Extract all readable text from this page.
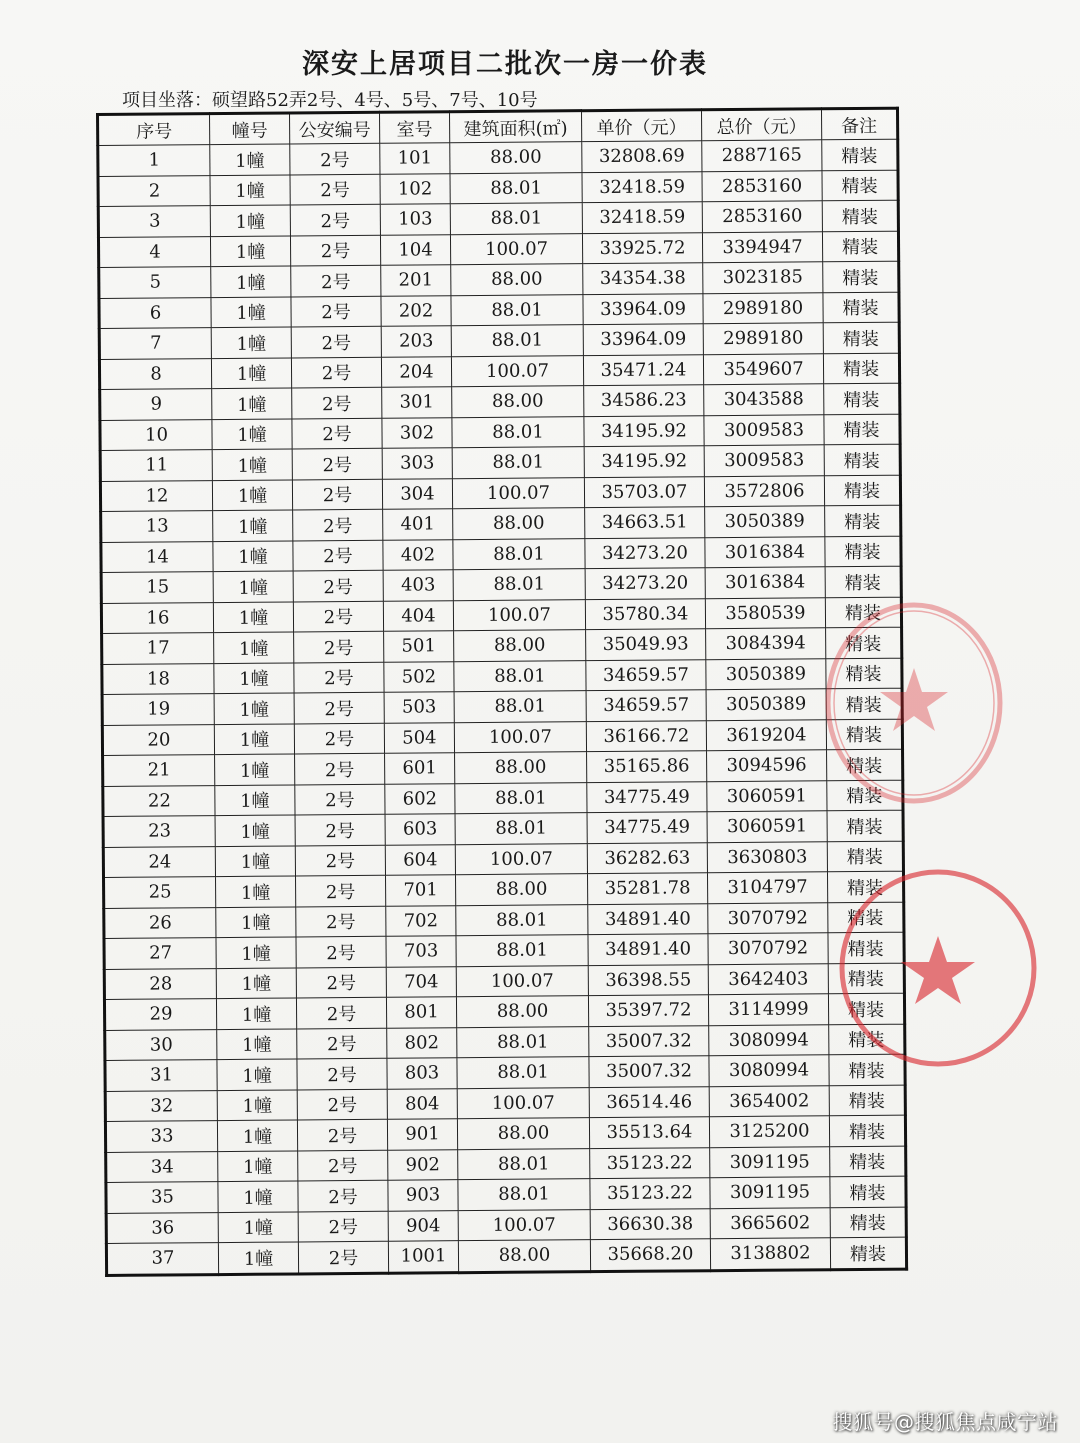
深安上居项目二批次一房一价表
项目坐落：硕望路52弄2号、4号、5号、7号、10号
序号	幢号	公安编号	室号	建筑面积(㎡)	单价（元）	总价（元）	备注
1	1幢	2号	101	88.00	32808.69	2887165	精装
2	1幢	2号	102	88.01	32418.59	2853160	精装
3	1幢	2号	103	88.01	32418.59	2853160	精装
4	1幢	2号	104	100.07	33925.72	3394947	精装
5	1幢	2号	201	88.00	34354.38	3023185	精装
6	1幢	2号	202	88.01	33964.09	2989180	精装
7	1幢	2号	203	88.01	33964.09	2989180	精装
8	1幢	2号	204	100.07	35471.24	3549607	精装
9	1幢	2号	301	88.00	34586.23	3043588	精装
10	1幢	2号	302	88.01	34195.92	3009583	精装
11	1幢	2号	303	88.01	34195.92	3009583	精装
12	1幢	2号	304	100.07	35703.07	3572806	精装
13	1幢	2号	401	88.00	34663.51	3050389	精装
14	1幢	2号	402	88.01	34273.20	3016384	精装
15	1幢	2号	403	88.01	34273.20	3016384	精装
16	1幢	2号	404	100.07	35780.34	3580539	精装
17	1幢	2号	501	88.00	35049.93	3084394	精装
18	1幢	2号	502	88.01	34659.57	3050389	精装
19	1幢	2号	503	88.01	34659.57	3050389	精装
20	1幢	2号	504	100.07	36166.72	3619204	精装
21	1幢	2号	601	88.00	35165.86	3094596	精装
22	1幢	2号	602	88.01	34775.49	3060591	精装
23	1幢	2号	603	88.01	34775.49	3060591	精装
24	1幢	2号	604	100.07	36282.63	3630803	精装
25	1幢	2号	701	88.00	35281.78	3104797	精装
26	1幢	2号	702	88.01	34891.40	3070792	精装
27	1幢	2号	703	88.01	34891.40	3070792	精装
28	1幢	2号	704	100.07	36398.55	3642403	精装
29	1幢	2号	801	88.00	35397.72	3114999	精装
30	1幢	2号	802	88.01	35007.32	3080994	精装
31	1幢	2号	803	88.01	35007.32	3080994	精装
32	1幢	2号	804	100.07	36514.46	3654002	精装
33	1幢	2号	901	88.00	35513.64	3125200	精装
34	1幢	2号	902	88.01	35123.22	3091195	精装
35	1幢	2号	903	88.01	35123.22	3091195	精装
36	1幢	2号	904	100.07	36630.38	3665602	精装
37	1幢	2号	1001	88.00	35668.20	3138802	精装
搜狐号@搜狐焦点咸宁站
